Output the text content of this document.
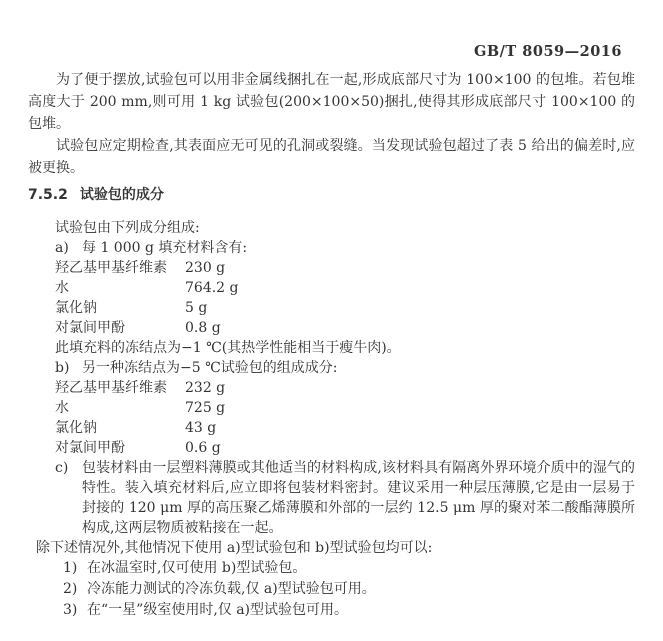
GB/T 8059—2016

为了便于摆放,试验包可以用非金属线捆扎在一起,形成底部尺寸为 100×100 的包堆。若包堆高度大于 200 mm,则可用 1 kg 试验包(200×100×50)捆扎,使得其形成底部尺寸 100×100 的包堆。

试验包应定期检查,其表面应无可见的孔洞或裂缝。当发现试验包超过了表 5 给出的偏差时,应被更换。

7.5.2 试验包的成分
试验包由下列成分组成:
a) 每 1 000 g 填充材料含有:
羟乙基甲基纤维素	230 g
水	764.2 g
氯化钠	5 g
对氯间甲酚	0.8 g
此填充料的冻结点为−1 ℃(其热学性能相当于瘦牛肉)。
b) 另一种冻结点为−5 ℃试验包的组成成分:
羟乙基甲基纤维素	232 g
水	725 g
氯化钠	43 g
对氯间甲酚	0.6 g
c) 包装材料由一层塑料薄膜或其他适当的材料构成,该材料具有隔离外界环境介质中的湿气的特性。装入填充材料后,应立即将包装材料密封。建议采用一种层压薄膜,它是由一层易于封接的 120 μm 厚的高压聚乙烯薄膜和外部的一层约 12.5 μm 厚的聚对苯二酸酯薄膜所构成,这两层物质被粘接在一起。
除下述情况外,其他情况下使用 a)型试验包和 b)型试验包均可以:
1) 在冰温室时,仅可使用 b)型试验包。
2) 冷冻能力测试的冷冻负载,仅 a)型试验包可用。
3) 在“一星”级室使用时,仅 a)型试验包可用。
